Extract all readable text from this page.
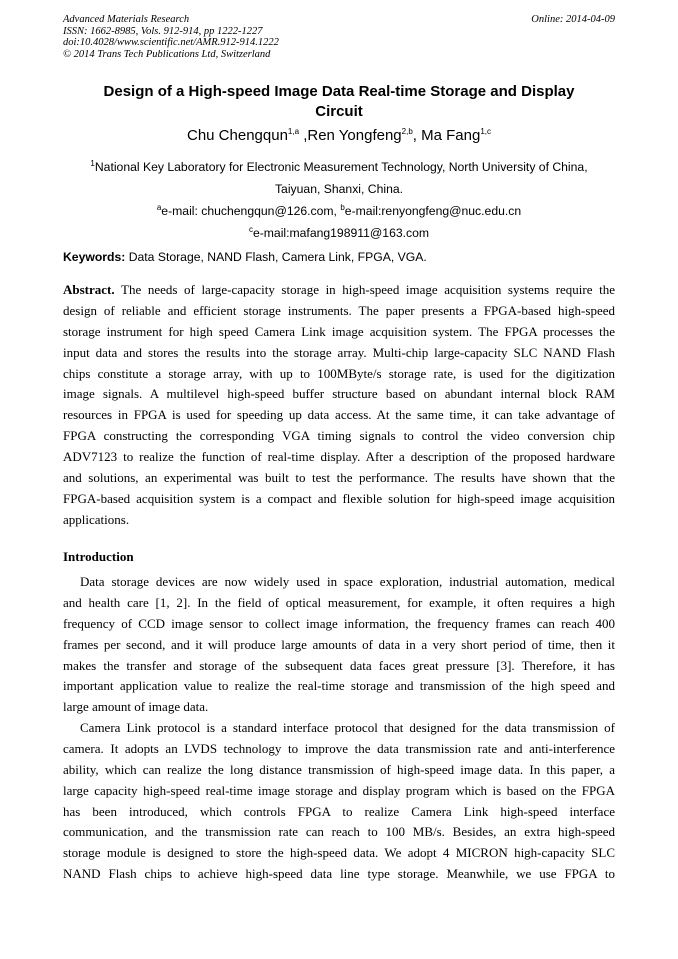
Advanced Materials Research
ISSN: 1662-8985, Vols. 912-914, pp 1222-1227
doi:10.4028/www.scientific.net/AMR.912-914.1222
© 2014 Trans Tech Publications Ltd, Switzerland
Online: 2014-04-09
Design of a High-speed Image Data Real-time Storage and Display
Circuit
Chu Chengqun$^{1,a}$ ,Ren Yongfeng$^{2,b}$, Ma Fang$^{1,c}$
$^1$National Key Laboratory for Electronic Measurement Technology, North University of China,
Taiyuan, Shanxi, China.
$^a$e-mail: chuchengqun@126.com, $^b$e-mail:renyongfeng@nuc.edu.cn
$^c$e-mail:mafang198911@163.com
Keywords: Data Storage, NAND Flash, Camera Link, FPGA, VGA.
Abstract. The needs of large-capacity storage in high-speed image acquisition systems require the
design of reliable and efficient storage instruments. The paper presents a FPGA-based high-speed
storage instrument for high speed Camera Link image acquisition system. The FPGA processes the
input data and stores the results into the storage array. Multi-chip large-capacity SLC NAND Flash
chips constitute a storage array, with up to 100MByte/s storage rate, is used for the digitization
image signals. A multilevel high-speed buffer structure based on abundant internal block RAM
resources in FPGA is used for speeding up data access. At the same time, it can take advantage of
FPGA constructing the corresponding VGA timing signals to control the video conversion chip
ADV7123 to realize the function of real-time display. After a description of the proposed hardware
and solutions, an experimental was built to test the performance. The results have shown that the
FPGA-based acquisition system is a compact and flexible solution for high-speed image acquisition
applications.
Introduction
Data storage devices are now widely used in space exploration, industrial automation, medical
and health care [1, 2]. In the field of optical measurement, for example, it often requires a high
frequency of CCD image sensor to collect image information, the frequency frames can reach 400
frames per second, and it will produce large amounts of data in a very short period of time, then it
makes the transfer and storage of the subsequent data faces great pressure [3]. Therefore, it has
important application value to realize the real-time storage and transmission of the high speed and
large amount of image data.
Camera Link protocol is a standard interface protocol that designed for the data transmission of
camera. It adopts an LVDS technology to improve the data transmission rate and anti-interference
ability, which can realize the long distance transmission of high-speed image data. In this paper, a
large capacity high-speed real-time image storage and display program which is based on the FPGA
has been introduced, which controls FPGA to realize Camera Link high-speed interface
communication, and the transmission rate can reach to 100 MB/s. Besides, an extra high-speed
storage module is designed to store the high-speed data. We adopt 4 MICRON high-capacity SLC
NAND Flash chips to achieve high-speed data line type storage. Meanwhile, we use FPGA to
